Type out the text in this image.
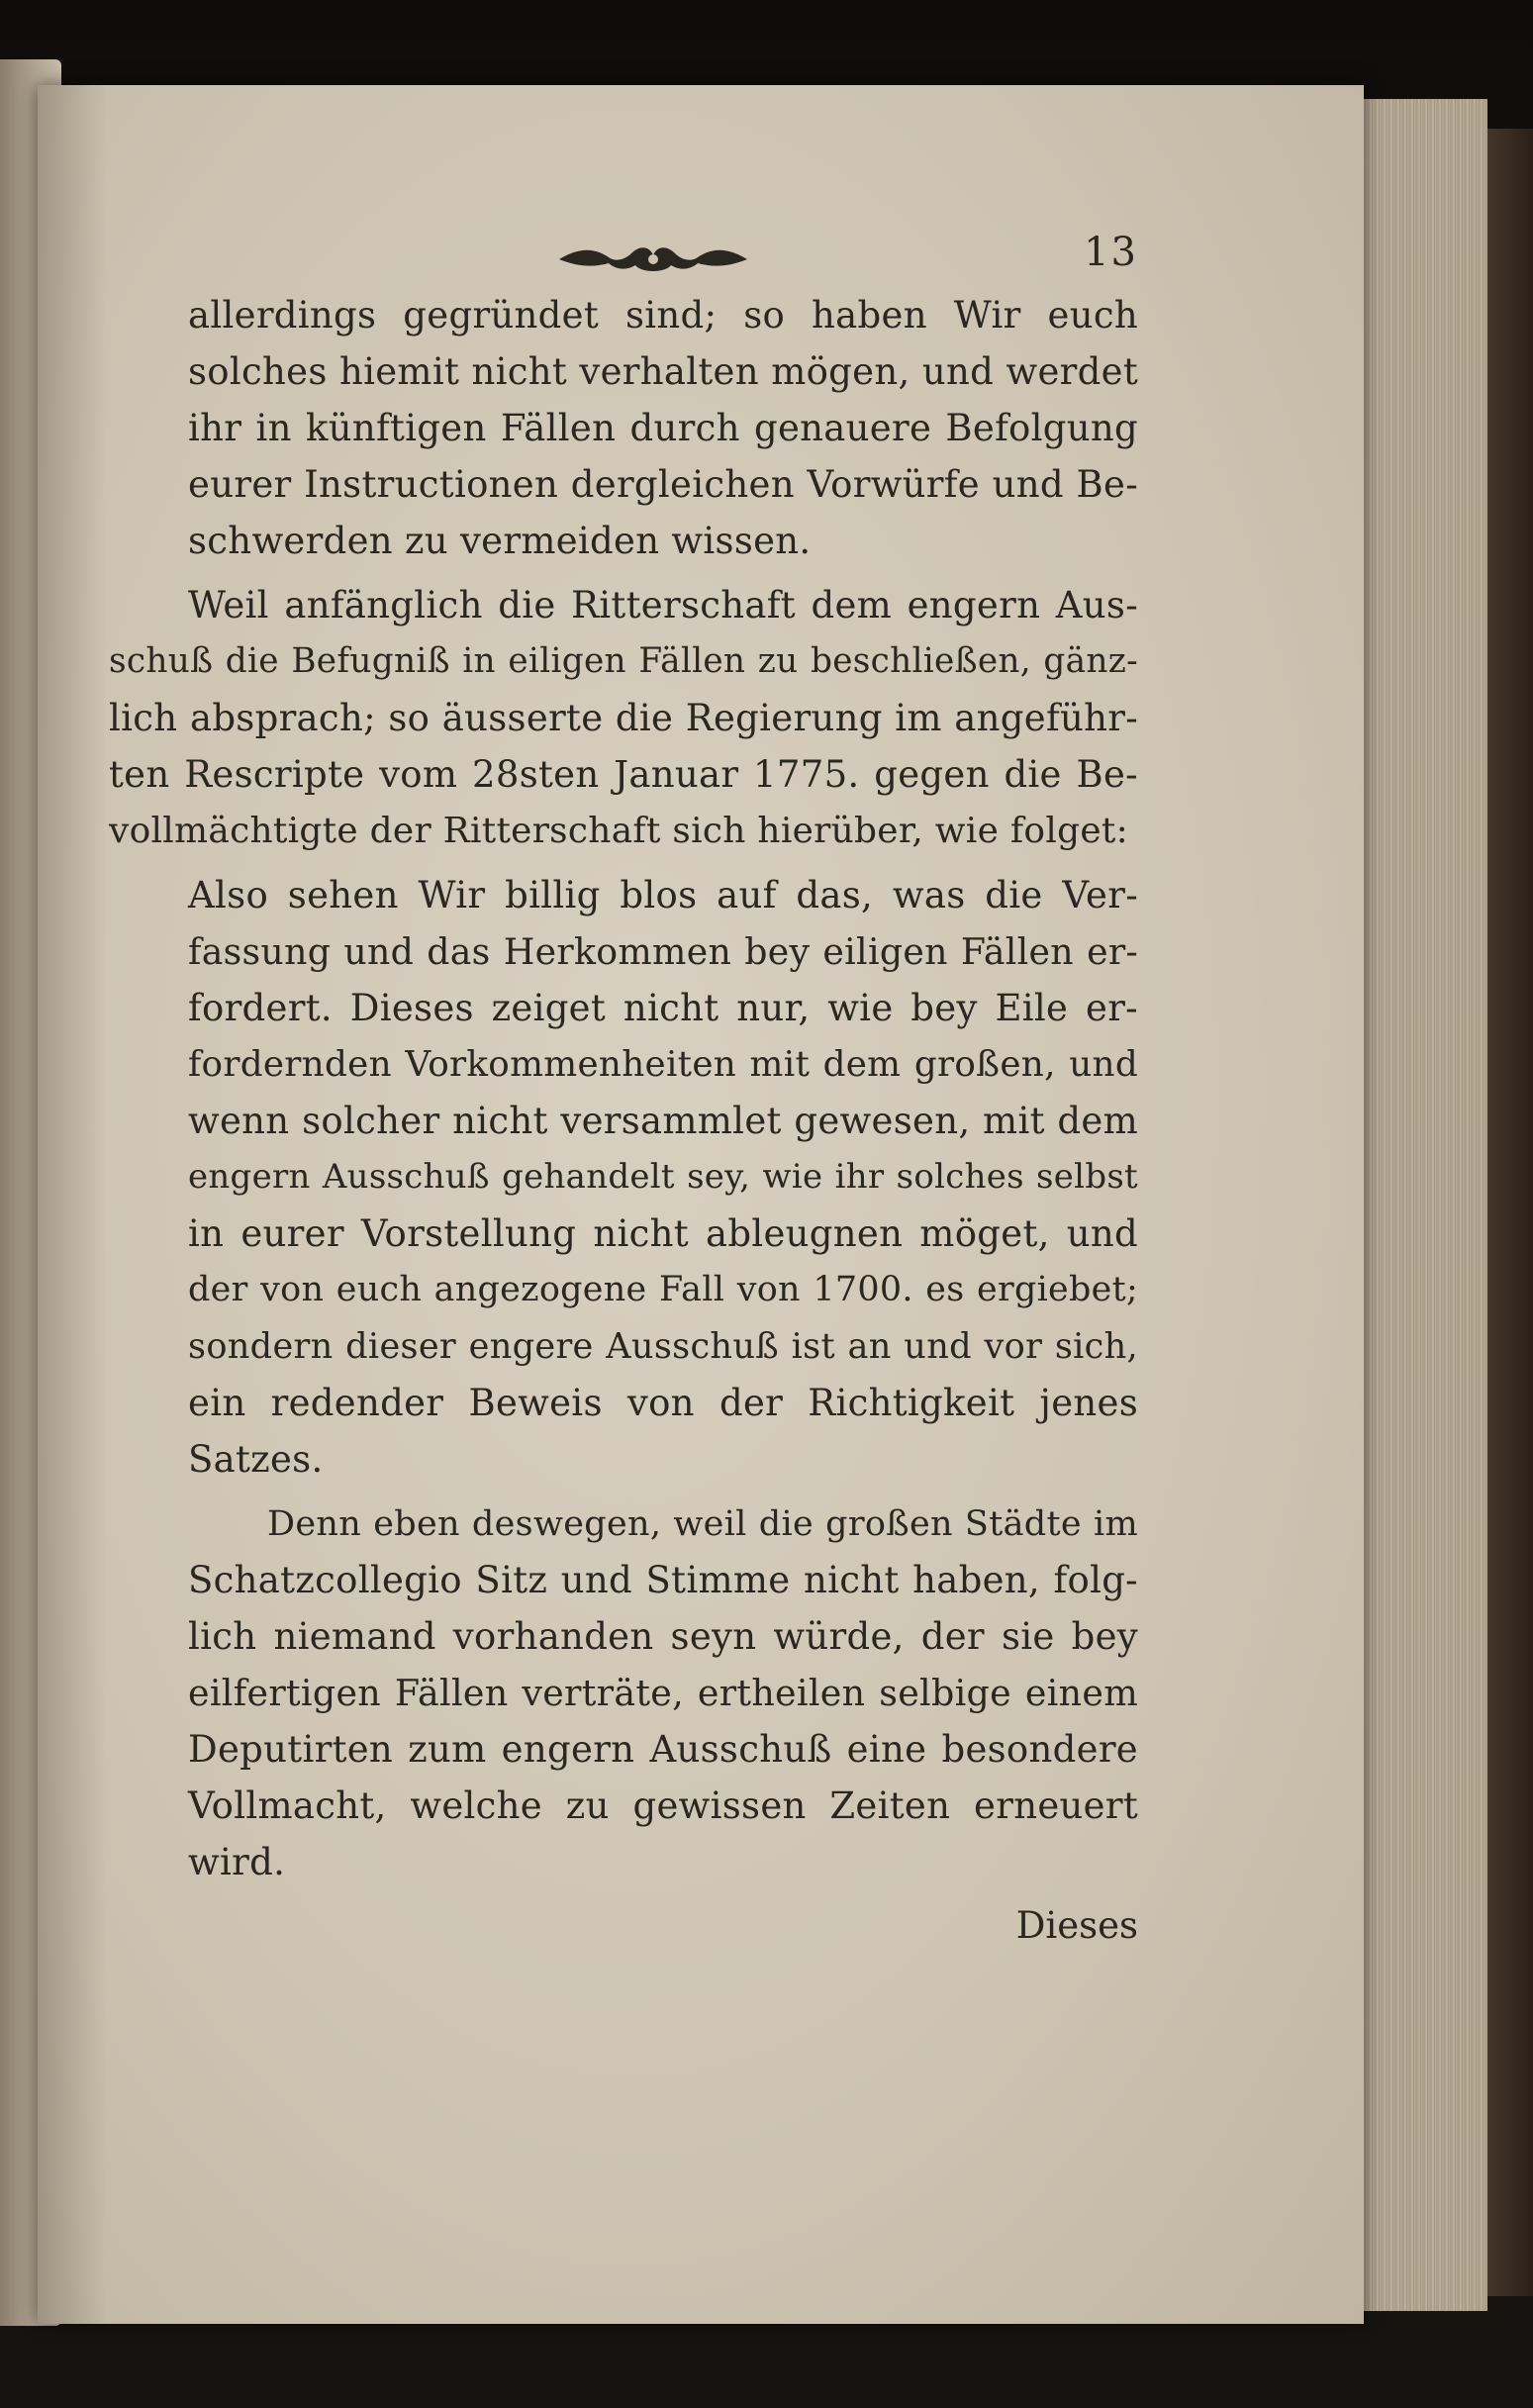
13
allerdings gegründet sind; so haben Wir euch
solches hiemit nicht verhalten mögen, und werdet
ihr in künftigen Fällen durch genauere Befolgung
eurer Instructionen dergleichen Vorwürfe und Be-
schwerden zu vermeiden wissen.
Weil anfänglich die Ritterschaft dem engern Aus-
schuß die Befugniß in eiligen Fällen zu beschließen, gänz-
lich absprach; so äusserte die Regierung im angeführ-
ten Rescripte vom 28sten Januar 1775. gegen die Be-
vollmächtigte der Ritterschaft sich hierüber, wie folget:
Also sehen Wir billig blos auf das, was die Ver-
fassung und das Herkommen bey eiligen Fällen er-
fordert. Dieses zeiget nicht nur, wie bey Eile er-
fordernden Vorkommenheiten mit dem großen, und
wenn solcher nicht versammlet gewesen, mit dem
engern Ausschuß gehandelt sey, wie ihr solches selbst
in eurer Vorstellung nicht ableugnen möget, und
der von euch angezogene Fall von 1700. es ergiebet;
sondern dieser engere Ausschuß ist an und vor sich,
ein redender Beweis von der Richtigkeit jenes
Satzes.
Denn eben deswegen, weil die großen Städte im
Schatzcollegio Sitz und Stimme nicht haben, folg-
lich niemand vorhanden seyn würde, der sie bey
eilfertigen Fällen verträte, ertheilen selbige einem
Deputirten zum engern Ausschuß eine besondere
Vollmacht, welche zu gewissen Zeiten erneuert
wird.
Dieses
